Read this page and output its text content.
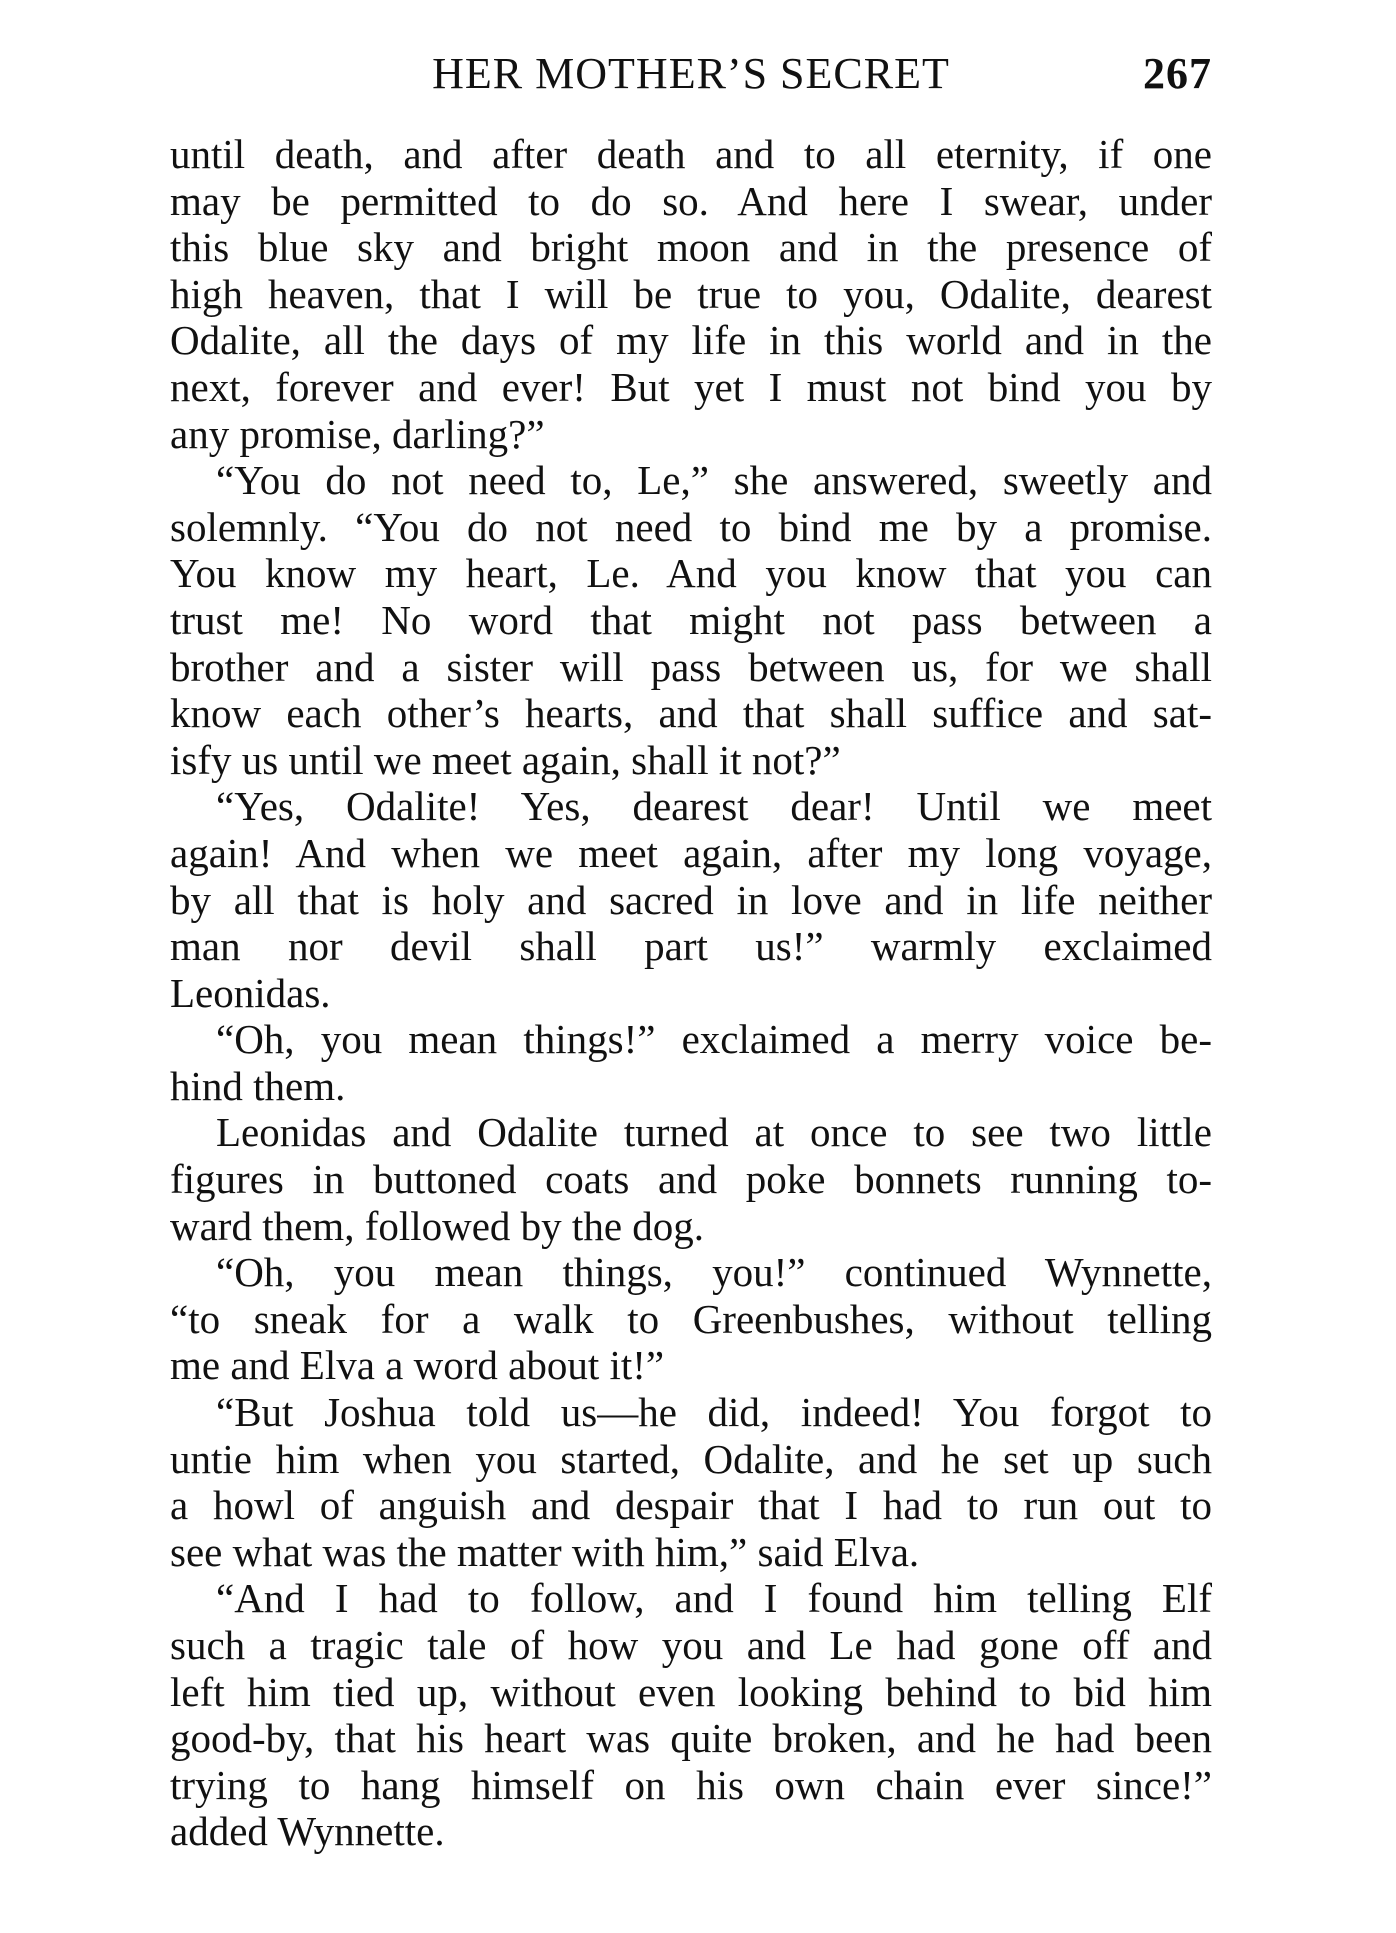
HER MOTHER’S SECRET	267
until death, and after death and to all eternity, if one
may be permitted to do so. And here I swear, under
this blue sky and bright moon and in the presence of
high heaven, that I will be true to you, Odalite, dearest
Odalite, all the days of my life in this world and in the
next, forever and ever! But yet I must not bind you by
any promise, darling?”
“You do not need to, Le,” she answered, sweetly and
solemnly. “You do not need to bind me by a promise.
You know my heart, Le. And you know that you can
trust me! No word that might not pass between a
brother and a sister will pass between us, for we shall
know each other’s hearts, and that shall suffice and sat-
isfy us until we meet again, shall it not?”
“Yes, Odalite! Yes, dearest dear! Until we meet
again! And when we meet again, after my long voyage,
by all that is holy and sacred in love and in life neither
man nor devil shall part us!” warmly exclaimed
Leonidas.
“Oh, you mean things!” exclaimed a merry voice be-
hind them.
Leonidas and Odalite turned at once to see two little
figures in buttoned coats and poke bonnets running to-
ward them, followed by the dog.
“Oh, you mean things, you!” continued Wynnette,
“to sneak for a walk to Greenbushes, without telling
me and Elva a word about it!”
“But Joshua told us—he did, indeed! You forgot to
untie him when you started, Odalite, and he set up such
a howl of anguish and despair that I had to run out to
see what was the matter with him,” said Elva.
“And I had to follow, and I found him telling Elf
such a tragic tale of how you and Le had gone off and
left him tied up, without even looking behind to bid him
good-by, that his heart was quite broken, and he had been
trying to hang himself on his own chain ever since!”
added Wynnette.
